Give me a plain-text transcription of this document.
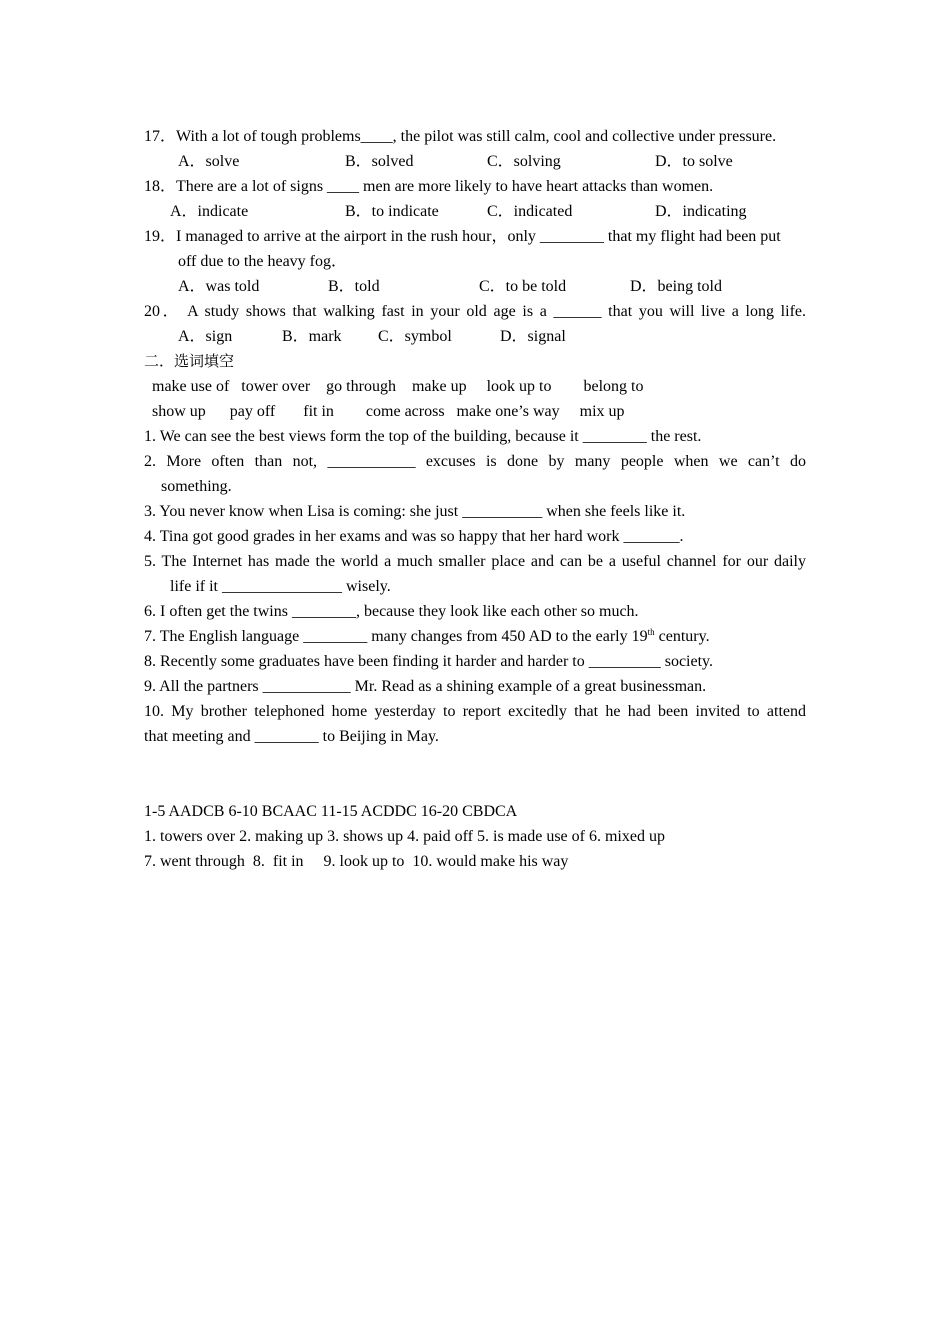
17．With a lot of tough problems____, the pilot was still calm, cool and collective under pressure.
A．solve	B．solved	C．solving	D．to solve
18．There are a lot of signs ____ men are more likely to have heart attacks than women.
A．indicate	B．to indicate	C．indicated	D．indicating
19．I managed to arrive at the airport in the rush hour，only ________ that my flight had been put
off due to the heavy fog．
A．was told	B．told	C．to be told	D．being told
20． A study shows that walking fast in your old age is a ______ that you will live a long life.
A．sign	B．mark C．symbol	D．signal
二．选词填空
make use of   tower over    go through    make up     look up to        belong to
show up      pay off       fit in        come across   make one’s way     mix up
1. We can see the best views form the top of the building, because it ________ the rest.
2. More often than not, ___________ excuses is done by many people when we can’t do
something.
3. You never know when Lisa is coming: she just __________ when she feels like it.
4. Tina got good grades in her exams and was so happy that her hard work _______.
5. The Internet has made the world a much smaller place and can be a useful channel for our daily
life if it _______________ wisely.
6. I often get the twins ________, because they look like each other so much.
7. The English language ________ many changes from 450 AD to the early 19th century.
8. Recently some graduates have been finding it harder and harder to _________ society.
9. All the partners ___________ Mr. Read as a shining example of a great businessman.
10. My brother telephoned home yesterday to report excitedly that he had been invited to attend
that meeting and ________ to Beijing in May.
1-5 AADCB 6-10 BCAAC 11-15 ACDDC 16-20 CBDCA
1. towers over 2. making up 3. shows up 4. paid off 5. is made use of 6. mixed up
7. went through  8.  fit in     9. look up to  10. would make his way
